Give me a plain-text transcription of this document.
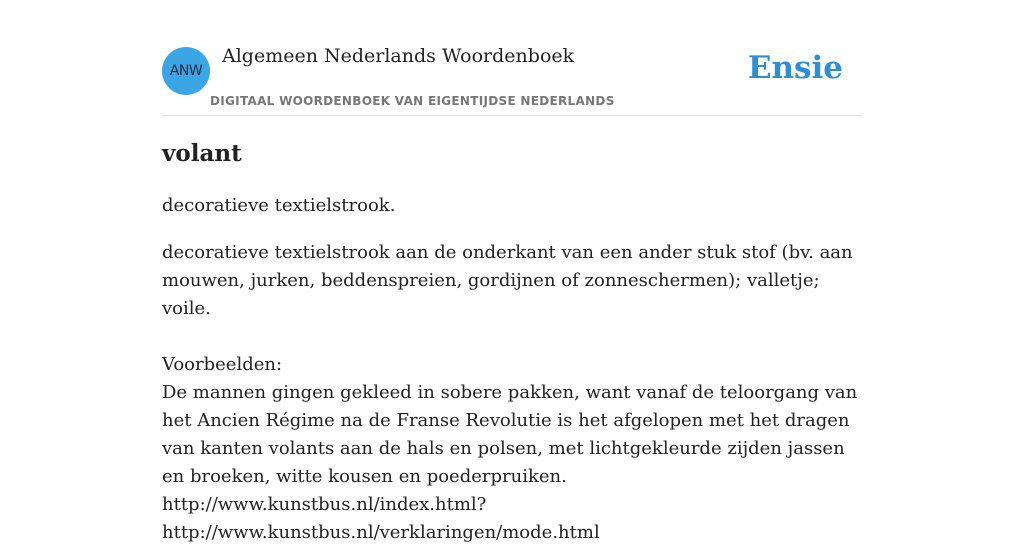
ANW
Algemeen Nederlands Woordenboek
DIGITAAL WOORDENBOEK VAN EIGENTIJDSE NEDERLANDS
Ensie
volant

decoratieve textielstrook.

decoratieve textielstrook aan de onderkant van een ander stuk stof (bv. aan mouwen, jurken, beddenspreien, gordijnen of zonneschermen); valletje; voile.

Voorbeelden:
De mannen gingen gekleed in sobere pakken, want vanaf de teloorgang van het Ancien Régime na de Franse Revolutie is het afgelopen met het dragen van kanten volants aan de hals en polsen, met lichtgekleurde zijden jassen en broeken, witte kousen en poederpruiken.
http://www.kunstbus.nl/index.html?
http://www.kunstbus.nl/verklaringen/mode.html
